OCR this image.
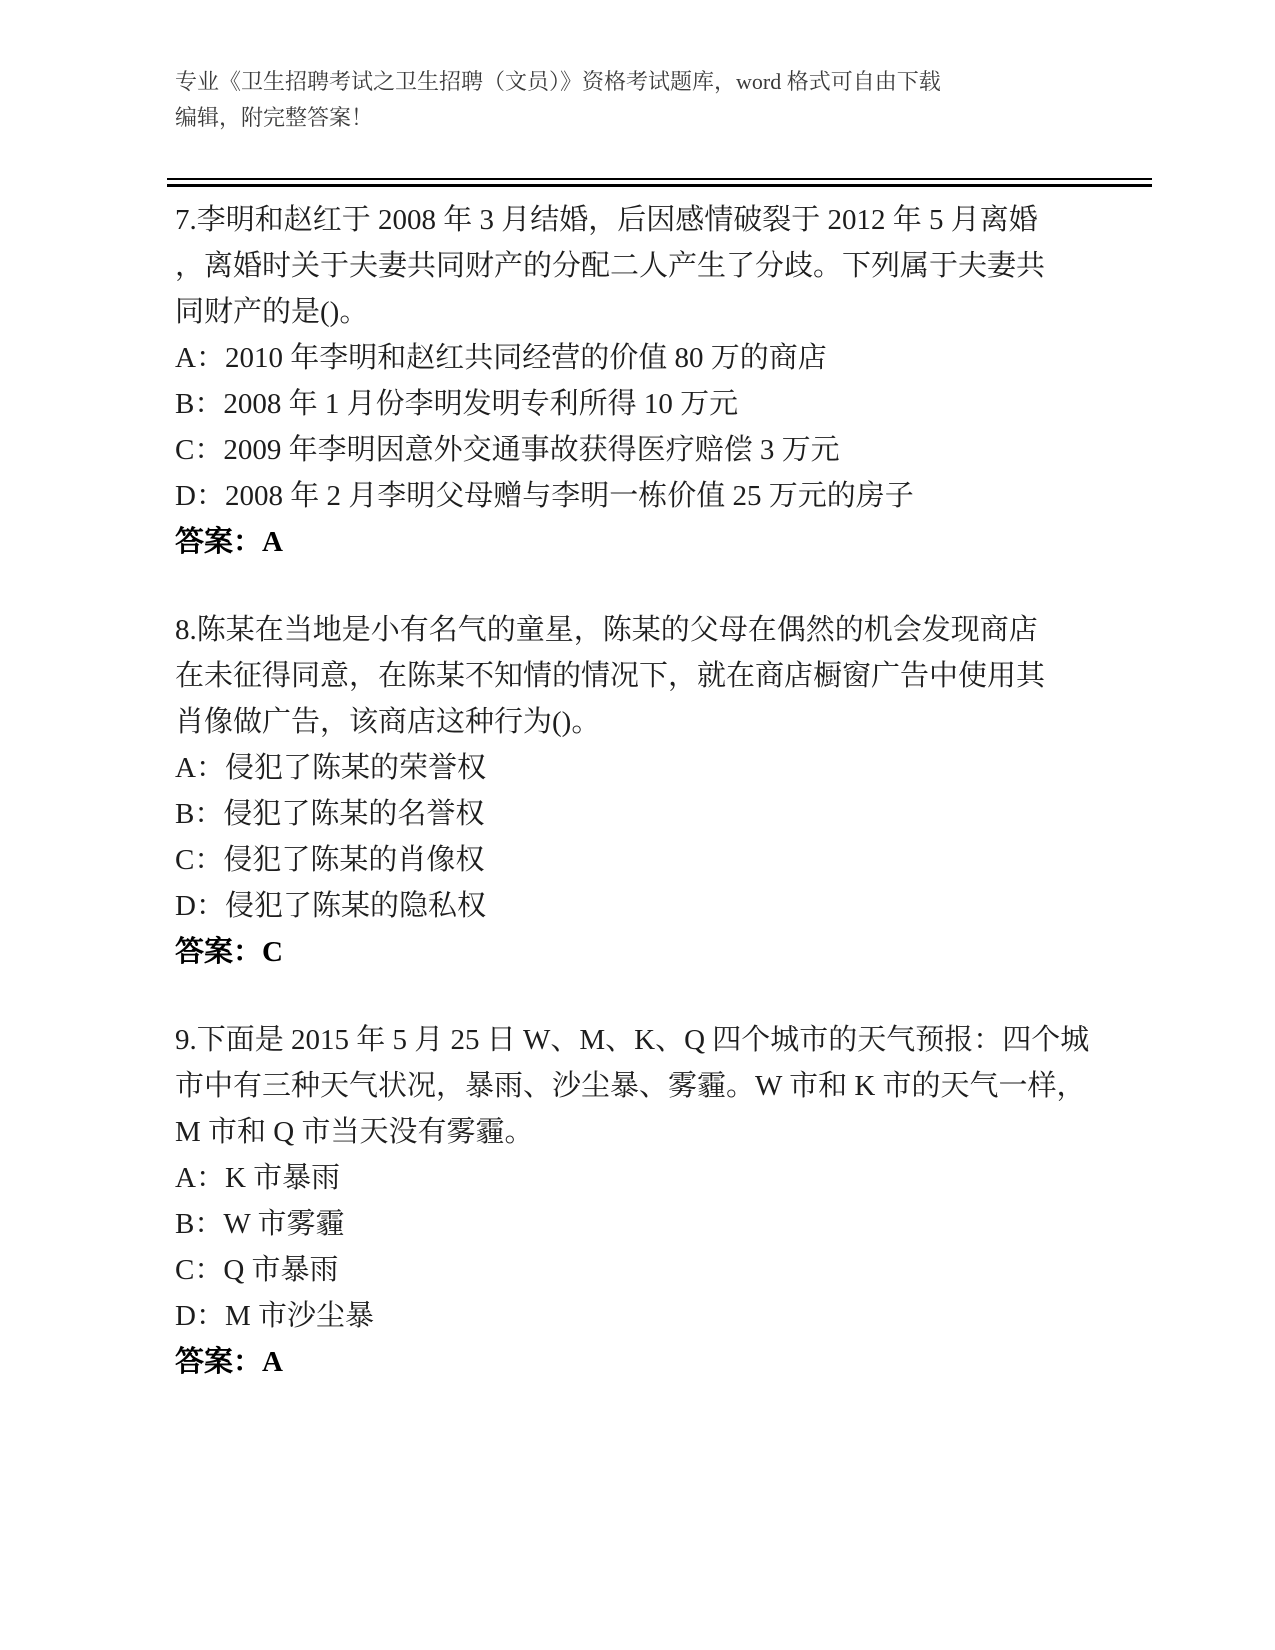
专业《卫生招聘考试之卫生招聘（文员）》资格考试题库，word 格式可自由下载
编辑，附完整答案！
7.李明和赵红于 2008 年 3 月结婚，后因感情破裂于 2012 年 5 月离婚
，离婚时关于夫妻共同财产的分配二人产生了分歧。下列属于夫妻共
同财产的是()。
A：2010 年李明和赵红共同经营的价值 80 万的商店
B：2008 年 1 月份李明发明专利所得 10 万元
C：2009 年李明因意外交通事故获得医疗赔偿 3 万元
D：2008 年 2 月李明父母赠与李明一栋价值 25 万元的房子
答案：A
8.陈某在当地是小有名气的童星，陈某的父母在偶然的机会发现商店
在未征得同意，在陈某不知情的情况下，就在商店橱窗广告中使用其
肖像做广告，该商店这种行为()。
A：侵犯了陈某的荣誉权
B：侵犯了陈某的名誉权
C：侵犯了陈某的肖像权
D：侵犯了陈某的隐私权
答案：C
9.下面是 2015 年 5 月 25 日 W、M、K、Q 四个城市的天气预报：四个城
市中有三种天气状况，暴雨、沙尘暴、雾霾。W 市和 K 市的天气一样，
M 市和 Q 市当天没有雾霾。
A：K 市暴雨
B：W 市雾霾
C：Q 市暴雨
D：M 市沙尘暴
答案：A
